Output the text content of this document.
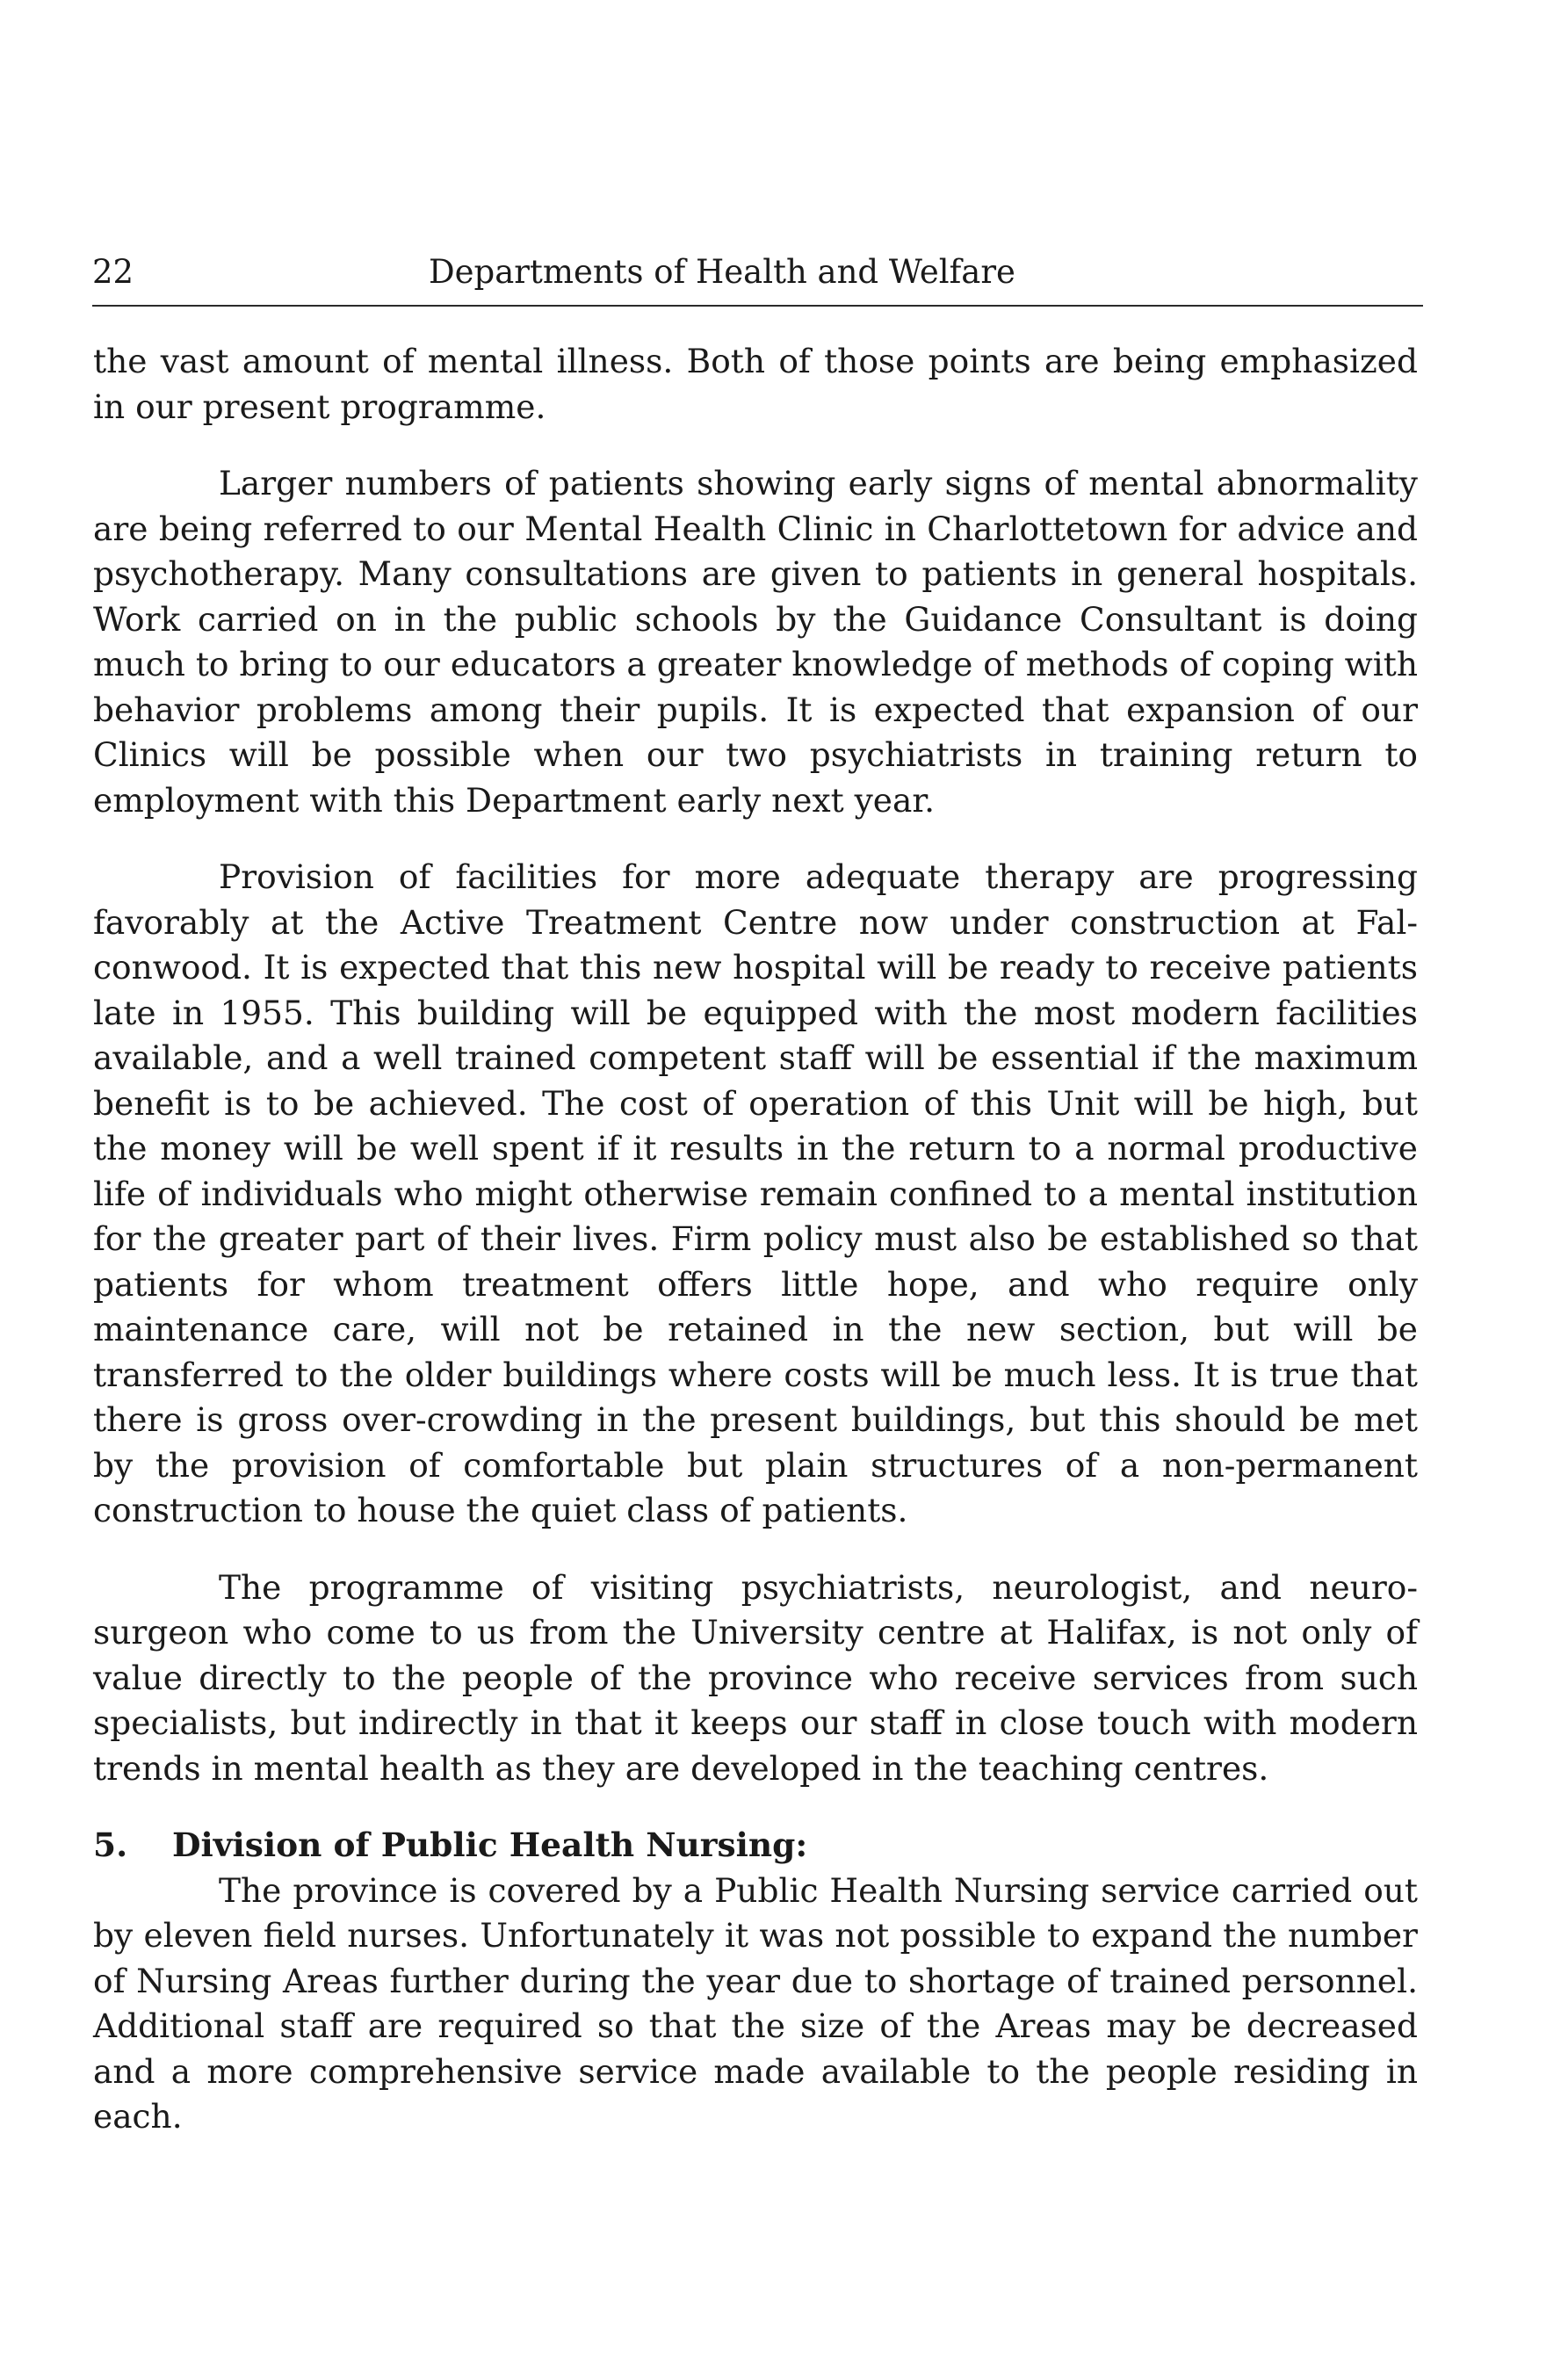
22	Departments of Health and Welfare

the vast amount of mental illness. Both of those points are being emphasized in our present programme.

Larger numbers of patients showing early signs of mental abnormality are being referred to our Mental Health Clinic in Charlottetown for advice and psychotherapy. Many consultations are given to patients in general hospitals. Work carried on in the public schools by the Guidance Consultant is doing much to bring to our educators a greater knowledge of methods of coping with behavior problems among their pupils. It is expected that expansion of our Clinics will be possible when our two psychiatrists in training return to employment with this Department early next year.

Provision of facilities for more adequate therapy are progressing favorably at the Active Treatment Centre now under construction at Falconwood. It is expected that this new hospital will be ready to receive patients late in 1955. This building will be equipped with the most modern facilities available, and a well trained competent staff will be essential if the maximum benefit is to be achieved. The cost of operation of this Unit will be high, but the money will be well spent if it results in the return to a normal productive life of individuals who might otherwise remain confined to a mental institution for the greater part of their lives. Firm policy must also be established so that patients for whom treatment offers little hope, and who require only maintenance care, will not be retained in the new section, but will be transferred to the older buildings where costs will be much less. It is true that there is gross over-crowding in the present buildings, but this should be met by the provision of comfortable but plain structures of a non-permanent construction to house the quiet class of patients.

The programme of visiting psychiatrists, neurologist, and neurosurgeon who come to us from the University centre at Halifax, is not only of value directly to the people of the province who receive services from such specialists, but indirectly in that it keeps our staff in close touch with modern trends in mental health as they are developed in the teaching centres.

5. Division of Public Health Nursing:

The province is covered by a Public Health Nursing service carried out by eleven field nurses. Unfortunately it was not possible to expand the number of Nursing Areas further during the year due to shortage of trained personnel. Additional staff are required so that the size of the Areas may be decreased and a more comprehensive service made available to the people residing in each.
